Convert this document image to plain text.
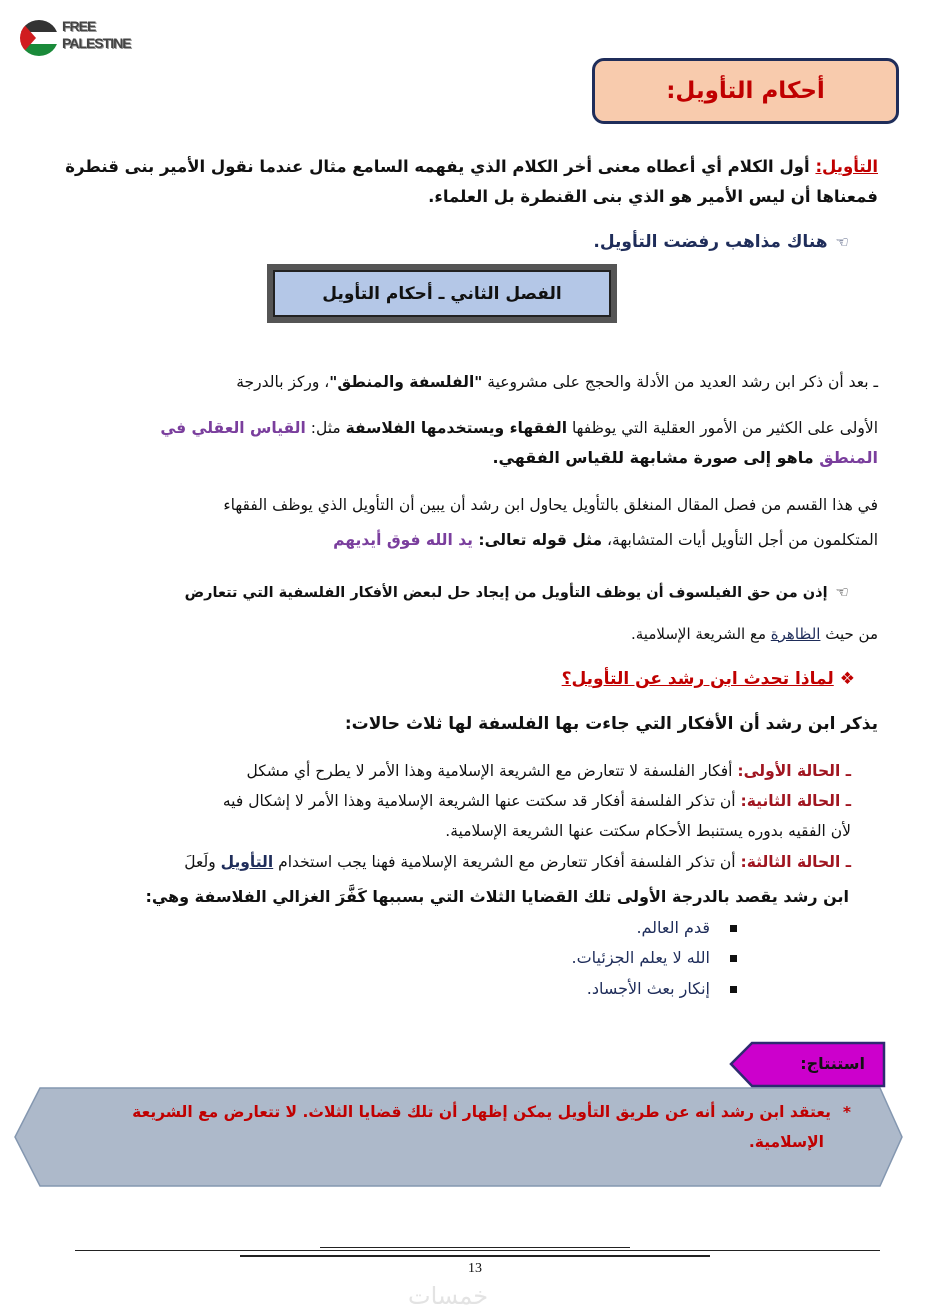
FREE
PALESTINE
أحكام التأويل:
التأويل: أول الكلام أي أعطاه معنى أخر الكلام الذي يفهمه السامع مثال عندما نقول الأمير بنى قنطرة
فمعناها أن ليس الأمير هو الذي بنى القنطرة بل العلماء.
☜هناك مذاهب رفضت التأويل.
الفصل الثاني ـ أحكام التأويل
ـ بعد أن ذكر ابن رشد العديد من الأدلة والحجج على مشروعية "الفلسفة والمنطق"، وركز بالدرجة
الأولى على الكثير من الأمور العقلية التي يوظفها الفقهاء ويستخدمها الفلاسفة مثل: القياس العقلي في
المنطق ماهو إلى صورة مشابهة للقياس الفقهي.
في هذا القسم من فصل المقال المنغلق بالتأويل يحاول ابن رشد أن يبين أن التأويل الذي يوظف الفقهاء
المتكلمون من أجل التأويل أيات المتشابهة، مثل قوله تعالى: يد الله فوق أيديهم
☜إذن من حق الفيلسوف أن يوظف التأويل من إيجاد حل لبعض الأفكار الفلسفية التي تتعارض
من حيث الظاهرة مع الشريعة الإسلامية.
❖لماذا تحدث ابن رشد عن التأويل؟
يذكر ابن رشد أن الأفكار التي جاءت بها الفلسفة لها ثلاث حالات:
ـ الحالة الأولى: أفكار الفلسفة لا تتعارض مع الشريعة الإسلامية وهذا الأمر لا يطرح أي مشكل
ـ الحالة الثانية: أن تذكر الفلسفة أفكار قد سكتت عنها الشريعة الإسلامية وهذا الأمر لا إشكال فيه
لأن الفقيه بدوره يستنبط الأحكام سكتت عنها الشريعة الإسلامية.
ـ الحالة الثالثة: أن تذكر الفلسفة أفكار تتعارض مع الشريعة الإسلامية فهنا يجب استخدام التأويل ولَعلَ
ابن رشد يقصد بالدرجة الأولى تلك القضايا الثلاث التي بسببها كَفَّرَ الغزالي الفلاسفة وهي:
قدم العالم.
الله لا يعلم الجزئيات.
إنكار بعث الأجساد.
استنتاج:
*يعتقد ابن رشد أنه عن طريق التأويل يمكن إظهار أن تلك قضايا الثلاث. لا تتعارض مع الشريعة
الإسلامية.
13
خمسات
